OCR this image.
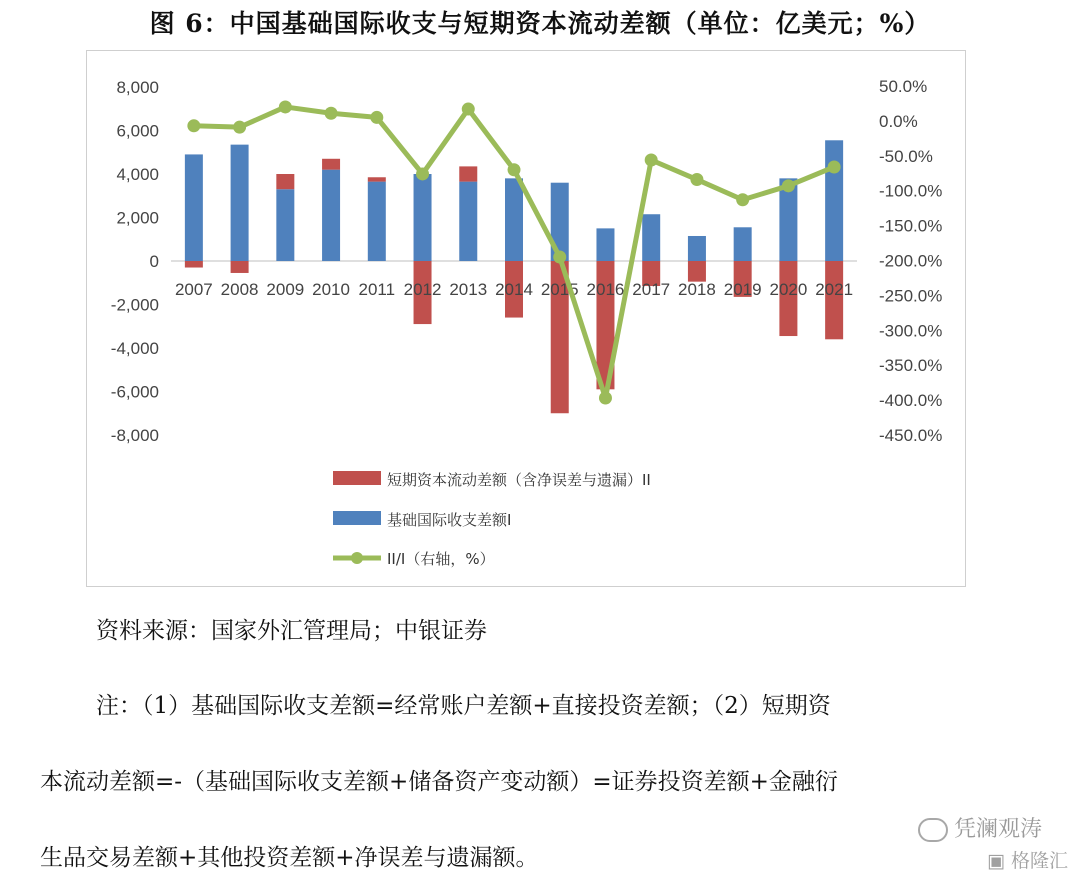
图 6：中国基础国际收支与短期资本流动差额（单位：亿美元；%）
8,000
6,000
4,000
2,000
0
-2,000
-4,000
-6,000
-8,000
50.0%
0.0%
-50.0%
-100.0%
-150.0%
-200.0%
-250.0%
-300.0%
-350.0%
-400.0%
-450.0%
2007 2008 2009 2010 2011 2012 2013 2014 2015 2016 2017 2018 2019 2020 2021
短期资本流动差额（含净误差与遗漏）II
基础国际收支差额I
II/I（右轴，%）
资料来源：国家外汇管理局；中银证券
注：（1）基础国际收支差额=经常账户差额+直接投资差额；（2）短期资
本流动差额=-（基础国际收支差额+储备资产变动额）=证券投资差额+金融衍
生品交易差额+其他投资差额+净误差与遗漏额。
凭澜观涛
▣ 格隆汇
